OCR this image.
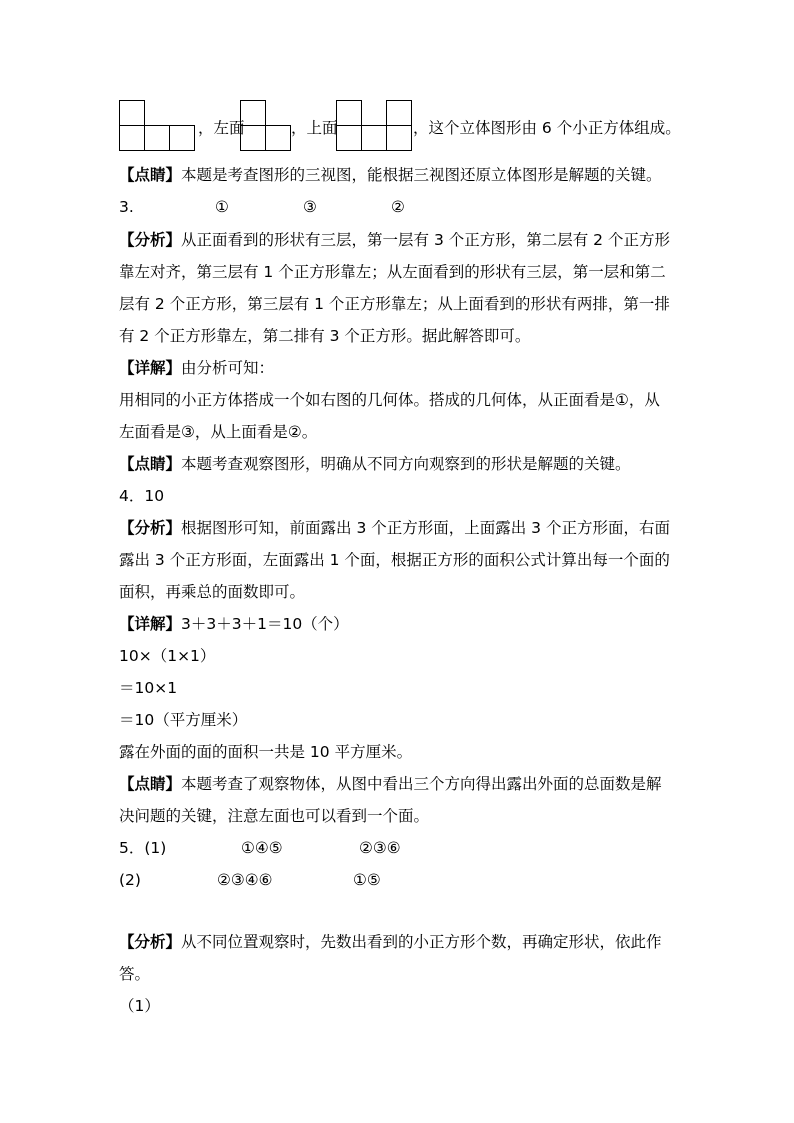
，左面	，上面	，这个立体图形由 6 个小正方体组成。
【点睛】本题是考查图形的三视图，能根据三视图还原立体图形是解题的关键。
3.	①	③	②
【分析】从正面看到的形状有三层，第一层有 3 个正方形，第二层有 2 个正方形
靠左对齐，第三层有 1 个正方形靠左；从左面看到的形状有三层，第一层和第二
层有 2 个正方形，第三层有 1 个正方形靠左；从上面看到的形状有两排，第一排
有 2 个正方形靠左，第二排有 3 个正方形。据此解答即可。
【详解】由分析可知：
用相同的小正方体搭成一个如右图的几何体。搭成的几何体，从正面看是①，从
左面看是③，从上面看是②。
【点睛】本题考查观察图形，明确从不同方向观察到的形状是解题的关键。
4．10
【分析】根据图形可知，前面露出 3 个正方形面，上面露出 3 个正方形面，右面
露出 3 个正方形面，左面露出 1 个面，根据正方形的面积公式计算出每一个面的
面积，再乘总的面数即可。
【详解】3＋3＋3＋1＝10（个）
10×（1×1）
＝10×1
＝10（平方厘米）
露在外面的面的面积一共是 10 平方厘米。
【点睛】本题考查了观察物体，从图中看出三个方向得出露出外面的总面数是解
决问题的关键，注意左面也可以看到一个面。
5．(1)	①④⑤	②③⑥
(2)	②③④⑥	①⑤
【分析】从不同位置观察时，先数出看到的小正方形个数，再确定形状，依此作
答。
（1）
